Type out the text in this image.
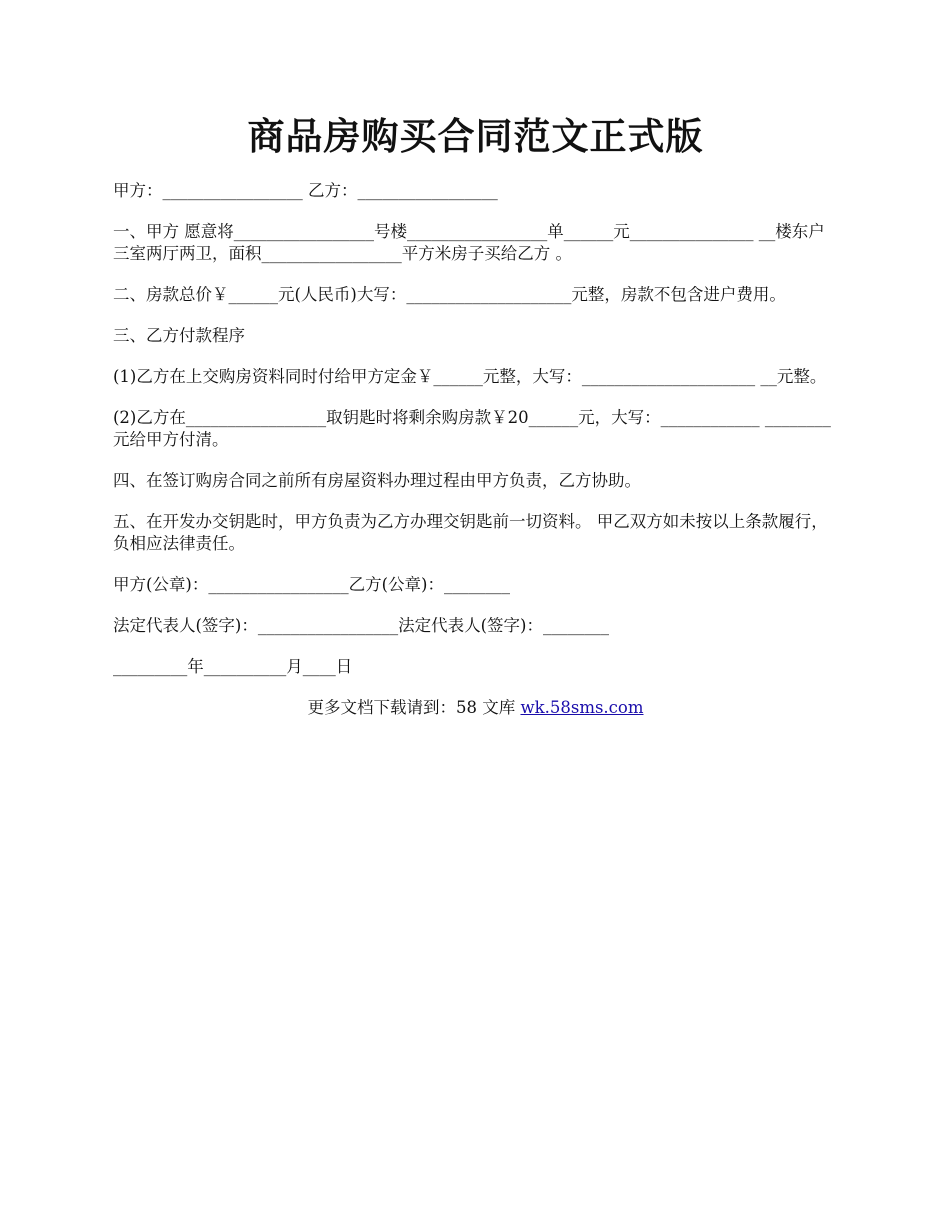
商品房购买合同范文正式版

甲方：_________________ 乙方：_________________

一、甲方 愿意将_________________号楼_________________单______元_______________ __楼东户三室两厅两卫，面积_________________平方米房子买给乙方 。

二、房款总价￥______元(人民币)大写：____________________元整，房款不包含进户费用。

三、乙方付款程序

(1)乙方在上交购房资料同时付给甲方定金￥______元整，大写：_____________________ __元整。

(2)乙方在_________________取钥匙时将剩余购房款￥20______元，大写：____________ ________元给甲方付清。

四、在签订购房合同之前所有房屋资料办理过程由甲方负责，乙方协助。

五、在开发办交钥匙时，甲方负责为乙方办理交钥匙前一切资料。 甲乙双方如未按以上条款履行，负相应法律责任。

甲方(公章)：_________________乙方(公章)：________

法定代表人(签字)：_________________法定代表人(签字)：________

_________年__________月____日

更多文档下载请到：58 文库 wk.58sms.com
